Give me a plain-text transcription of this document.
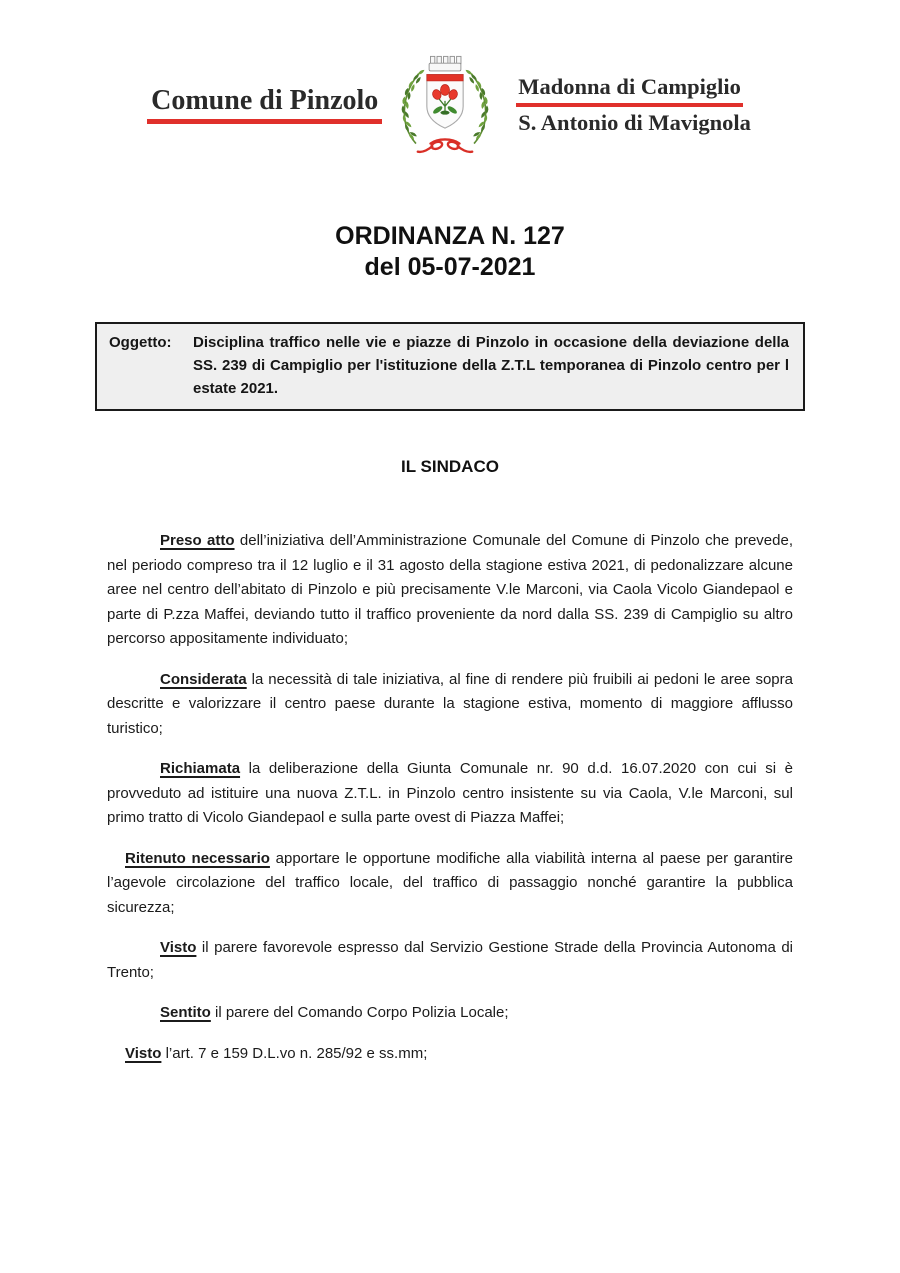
Comune di Pinzolo	Madonna di Campiglio
S. Antonio di Mavignola
ORDINANZA N. 127
del 05-07-2021
Oggetto:	Disciplina traffico nelle vie e piazze di Pinzolo in occasione della deviazione della SS. 239 di Campiglio per l'istituzione della Z.T.L temporanea di Pinzolo centro per l estate 2021.
IL SINDACO

Preso atto dell’iniziativa dell’Amministrazione Comunale del Comune di Pinzolo che prevede, nel periodo compreso tra il 12 luglio e il 31 agosto della stagione estiva 2021, di pedonalizzare alcune aree nel centro dell’abitato di Pinzolo e più precisamente V.le Marconi, via Caola Vicolo Giandepaol e parte di P.zza Maffei, deviando tutto il traffico proveniente da nord dalla SS. 239 di Campiglio su altro percorso appositamente individuato;

Considerata la necessità di tale iniziativa, al fine di rendere più fruibili ai pedoni le aree sopra descritte e valorizzare il centro paese durante la stagione estiva, momento di maggiore afflusso turistico;

Richiamata la deliberazione della Giunta Comunale nr. 90 d.d. 16.07.2020 con cui si è provveduto ad istituire una nuova Z.T.L. in Pinzolo centro insistente su via Caola, V.le Marconi, sul primo tratto di Vicolo Giandepaol e sulla parte ovest di Piazza Maffei;

Ritenuto necessario apportare le opportune modifiche alla viabilità interna al paese per garantire l’agevole circolazione del traffico locale, del traffico di passaggio nonché garantire la pubblica sicurezza;

Visto il parere favorevole espresso dal Servizio Gestione Strade della Provincia Autonoma di Trento;

Sentito il parere del Comando Corpo Polizia Locale;

Visto l’art. 7 e 159 D.L.vo n. 285/92 e ss.mm;
